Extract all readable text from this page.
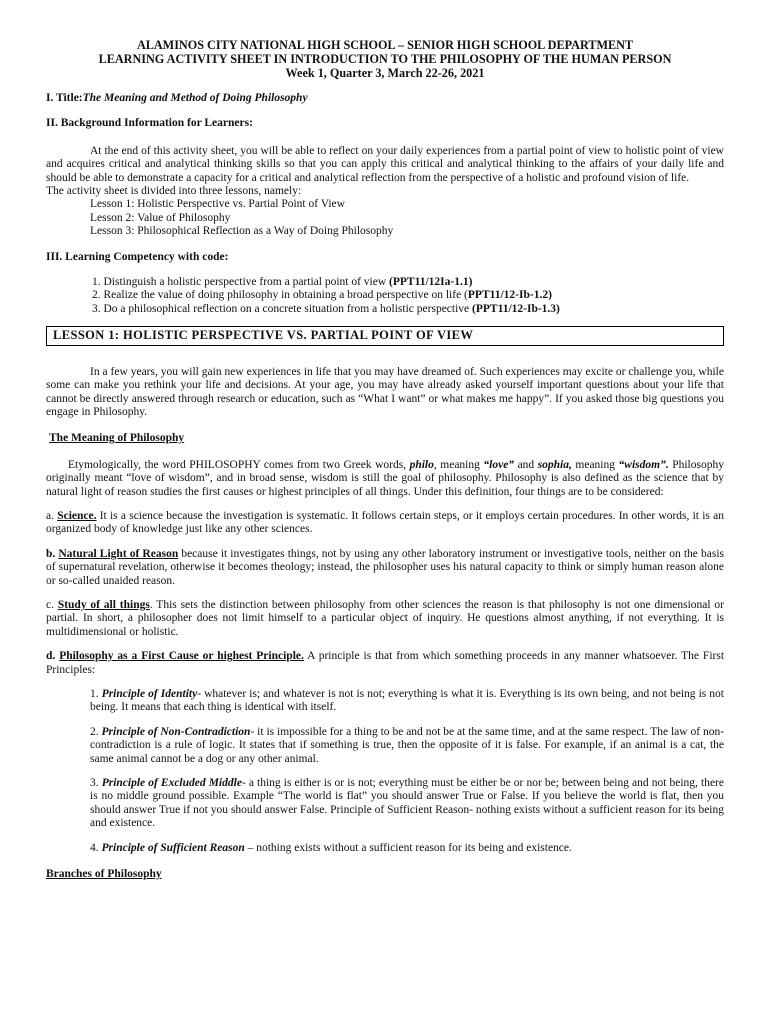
ALAMINOS CITY NATIONAL HIGH SCHOOL – SENIOR HIGH SCHOOL DEPARTMENT
LEARNING ACTIVITY SHEET IN INTRODUCTION TO THE PHILOSOPHY OF THE HUMAN PERSON
Week 1, Quarter 3, March 22-26, 2021
I. Title:The Meaning and Method of Doing Philosophy
II. Background Information for Learners:

At the end of this activity sheet, you will be able to reflect on your daily experiences from a partial point of view to holistic point of view and acquires critical and analytical thinking skills so that you can apply this critical and analytical thinking to the affairs of your daily life and should be able to demonstrate a capacity for a critical and analytical reflection from the perspective of a holistic and profound vision of life.

The activity sheet is divided into three lessons, namely:

Lesson 1: Holistic Perspective vs. Partial Point of View
Lesson 2: Value of Philosophy
Lesson 3: Philosophical Reflection as a Way of Doing Philosophy
III. Learning Competency with code:
1. Distinguish a holistic perspective from a partial point of view (PPT11/12Ia-1.1)
2. Realize the value of doing philosophy in obtaining a broad perspective on life (PPT11/12-Ib-1.2)
3. Do a philosophical reflection on a concrete situation from a holistic perspective (PPT11/12-Ib-1.3)
LESSON 1: HOLISTIC PERSPECTIVE VS. PARTIAL POINT OF VIEW

In a few years, you will gain new experiences in life that you may have dreamed of. Such experiences may excite or challenge you, while some can make you rethink your life and decisions. At your age, you may have already asked yourself important questions about your life that cannot be directly answered through research or education, such as “What I want” or what makes me happy”. If you asked those big questions you engage in Philosophy.

The Meaning of Philosophy

Etymologically, the word PHILOSOPHY comes from two Greek words, philo, meaning “love” and sophia, meaning “wisdom”. Philosophy originally meant “love of wisdom”, and in broad sense, wisdom is still the goal of philosophy. Philosophy is also defined as the science that by natural light of reason studies the first causes or highest principles of all things. Under this definition, four things are to be considered:

a. Science. It is a science because the investigation is systematic. It follows certain steps, or it employs certain procedures. In other words, it is an organized body of knowledge just like any other sciences.

b. Natural Light of Reason because it investigates things, not by using any other laboratory instrument or investigative tools, neither on the basis of supernatural revelation, otherwise it becomes theology; instead, the philosopher uses his natural capacity to think or simply human reason alone or so-called unaided reason.

c. Study of all things. This sets the distinction between philosophy from other sciences the reason is that philosophy is not one dimensional or partial. In short, a philosopher does not limit himself to a particular object of inquiry. He questions almost anything, if not everything. It is multidimensional or holistic.

d. Philosophy as a First Cause or highest Principle. A principle is that from which something proceeds in any manner whatsoever. The First Principles:

1. Principle of Identity- whatever is; and whatever is not is not; everything is what it is. Everything is its own being, and not being is not being. It means that each thing is identical with itself.

2. Principle of Non-Contradiction- it is impossible for a thing to be and not be at the same time, and at the same respect. The law of non-contradiction is a rule of logic. It states that if something is true, then the opposite of it is false. For example, if an animal is a cat, the same animal cannot be a dog or any other animal.

3. Principle of Excluded Middle- a thing is either is or is not; everything must be either be or nor be; between being and not being, there is no middle ground possible. Example “The world is flat” you should answer True or False. If you believe the world is flat, then you should answer True if not you should answer False. Principle of Sufficient Reason- nothing exists without a sufficient reason for its being and existence.

4. Principle of Sufficient Reason – nothing exists without a sufficient reason for its being and existence.

Branches of Philosophy
